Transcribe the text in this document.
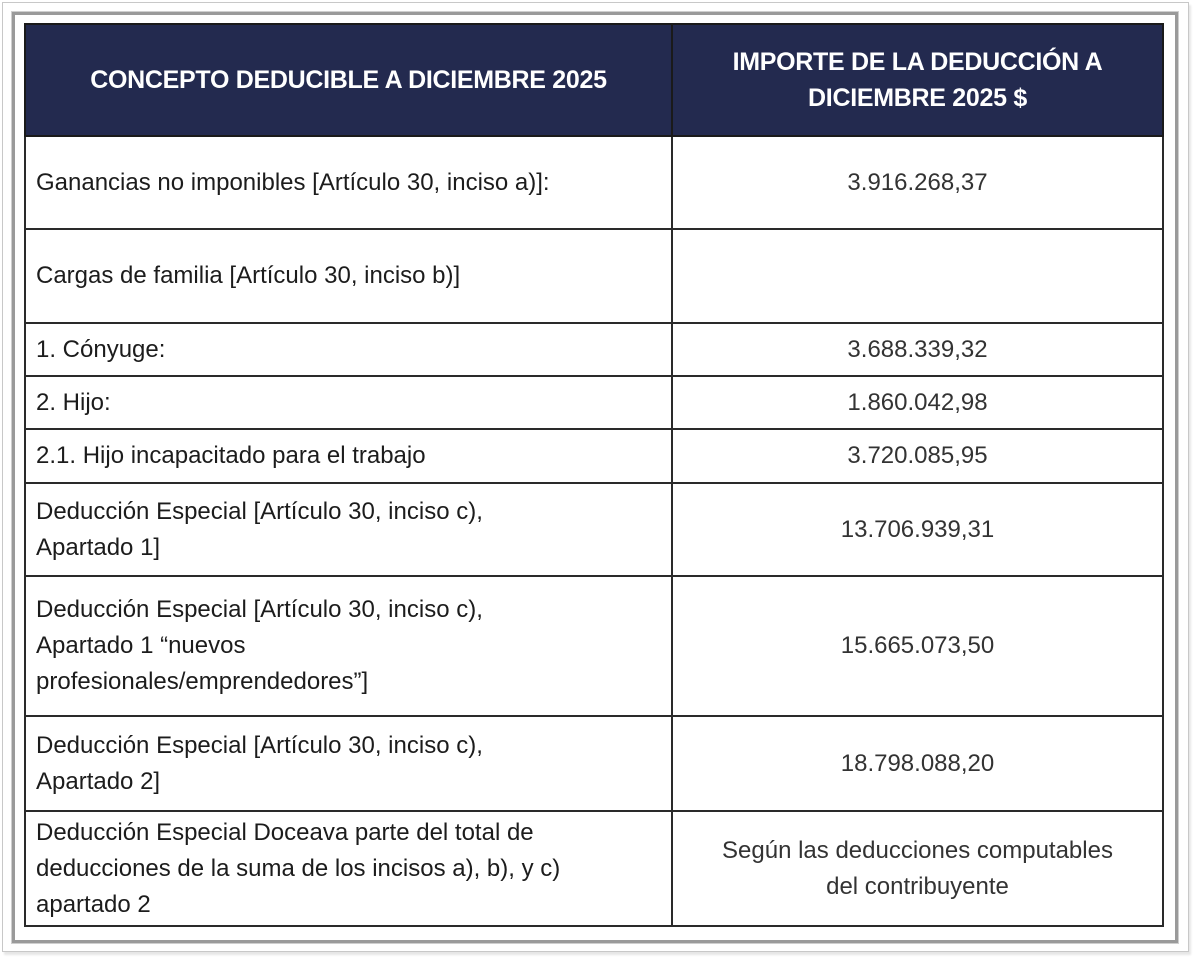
CONCEPTO DEDUCIBLE A DICIEMBRE 2025	IMPORTE DE LA DEDUCCIÓN A
DICIEMBRE 2025 $
Ganancias no imponibles [Artículo 30, inciso a)]:	3.916.268,37
Cargas de familia [Artículo 30, inciso b)]	
1. Cónyuge:	3.688.339,32
2. Hijo:	1.860.042,98
2.1. Hijo incapacitado para el trabajo	3.720.085,95
Deducción Especial [Artículo 30, inciso c),
Apartado 1]	13.706.939,31
Deducción Especial [Artículo 30, inciso c),
Apartado 1 “nuevos
profesionales/emprendedores”]	15.665.073,50
Deducción Especial [Artículo 30, inciso c),
Apartado 2]	18.798.088,20
Deducción Especial Doceava parte del total de
deducciones de la suma de los incisos a), b), y c)
apartado 2	Según las deducciones computables
del contribuyente
